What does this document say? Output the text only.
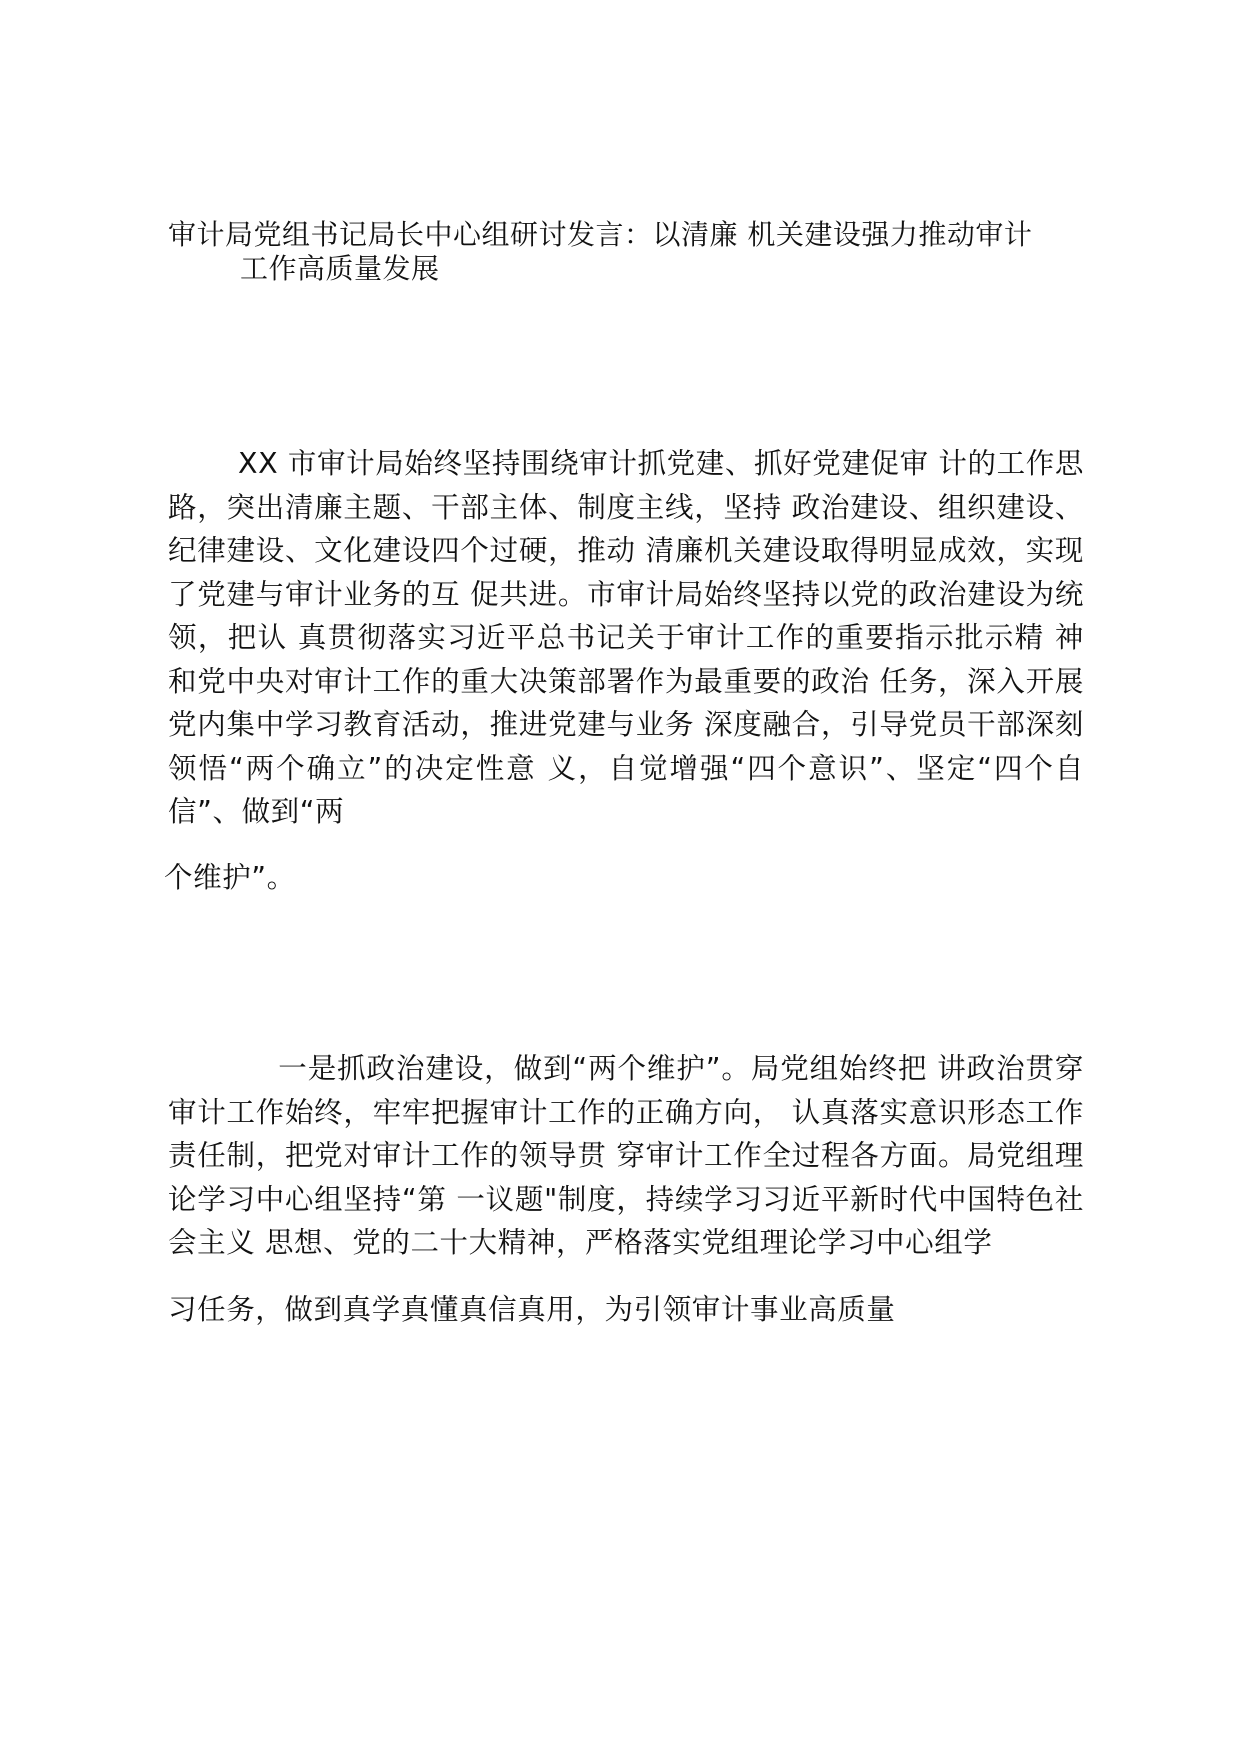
审计局党组书记局长中心组研讨发言：以清廉 机关建设强力推动审计
工作高质量发展
XX 市审计局始终坚持围绕审计抓党建、抓好党建促审 计的工作思路，突出清廉主题、干部主体、制度主线，坚持 政治建设、组织建设、纪律建设、文化建设四个过硬，推动 清廉机关建设取得明显成效，实现了党建与审计业务的互 促共进。市审计局始终坚持以党的政治建设为统领，把认 真贯彻落实习近平总书记关于审计工作的重要指示批示精 神和党中央对审计工作的重大决策部署作为最重要的政治 任务，深入开展党内集中学习教育活动，推进党建与业务 深度融合，引导党员干部深刻领悟“两个确立”的决定性意 义，自觉增强“四个意识”、坚定“四个自信”、做到“两
个维护”。
一是抓政治建设，做到“两个维护”。局党组始终把 讲政治贯穿审计工作始终，牢牢把握审计工作的正确方向， 认真落实意识形态工作责任制，把党对审计工作的领导贯 穿审计工作全过程各方面。局党组理论学习中心组坚持“第 一议题"制度，持续学习习近平新时代中国特色社会主义 思想、党的二十大精神，严格落实党组理论学习中心组学
习任务，做到真学真懂真信真用，为引领审计事业高质量
